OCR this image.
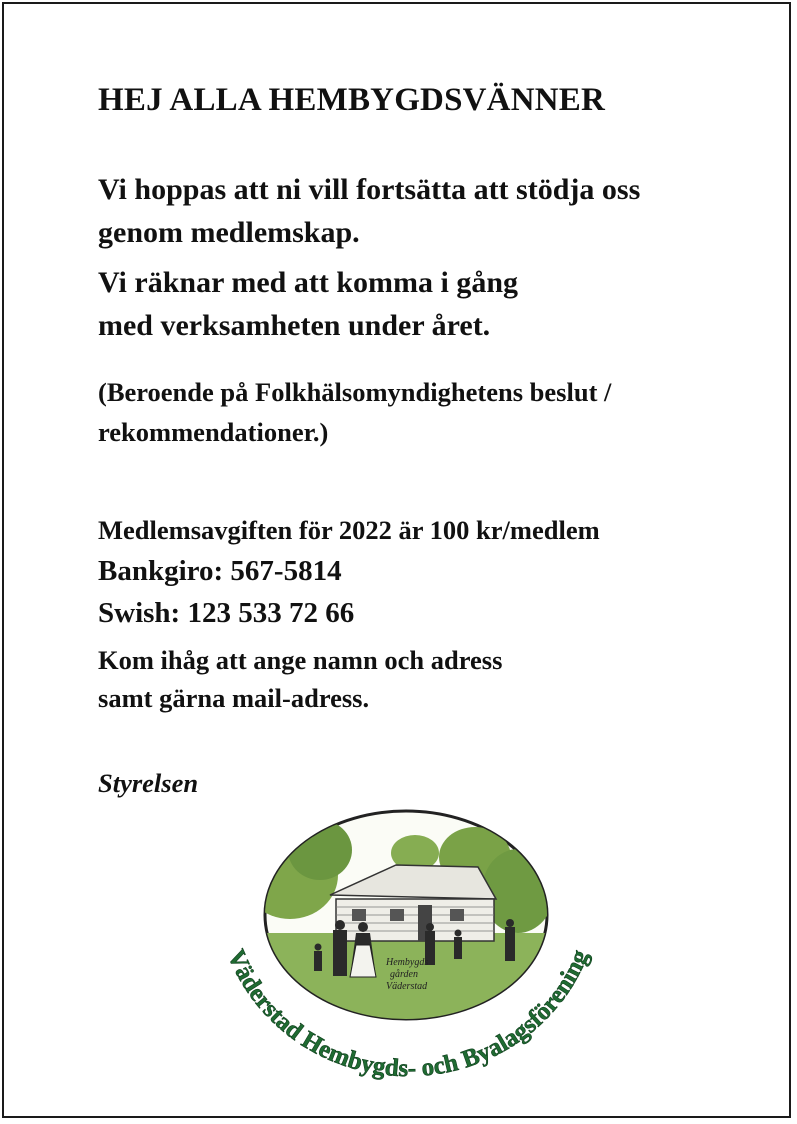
HEJ ALLA HEMBYGDSVÄNNER

Vi hoppas att ni vill fortsätta att stödja oss
genom medlemskap.

Vi räknar med att komma i gång
med verksamheten under året.

(Beroende på Folkhälsomyndighetens beslut /
rekommendationer.)

Medlemsavgiften för 2022 är 100 kr/medlem

Bankgiro: 567-5814

Swish: 123 533 72 66

Kom ihåg att ange namn och adress
samt gärna mail-adress.

Styrelsen

Hembygds
gården
Väderstad
Väderstad Hembygds- och Byalagsförening
